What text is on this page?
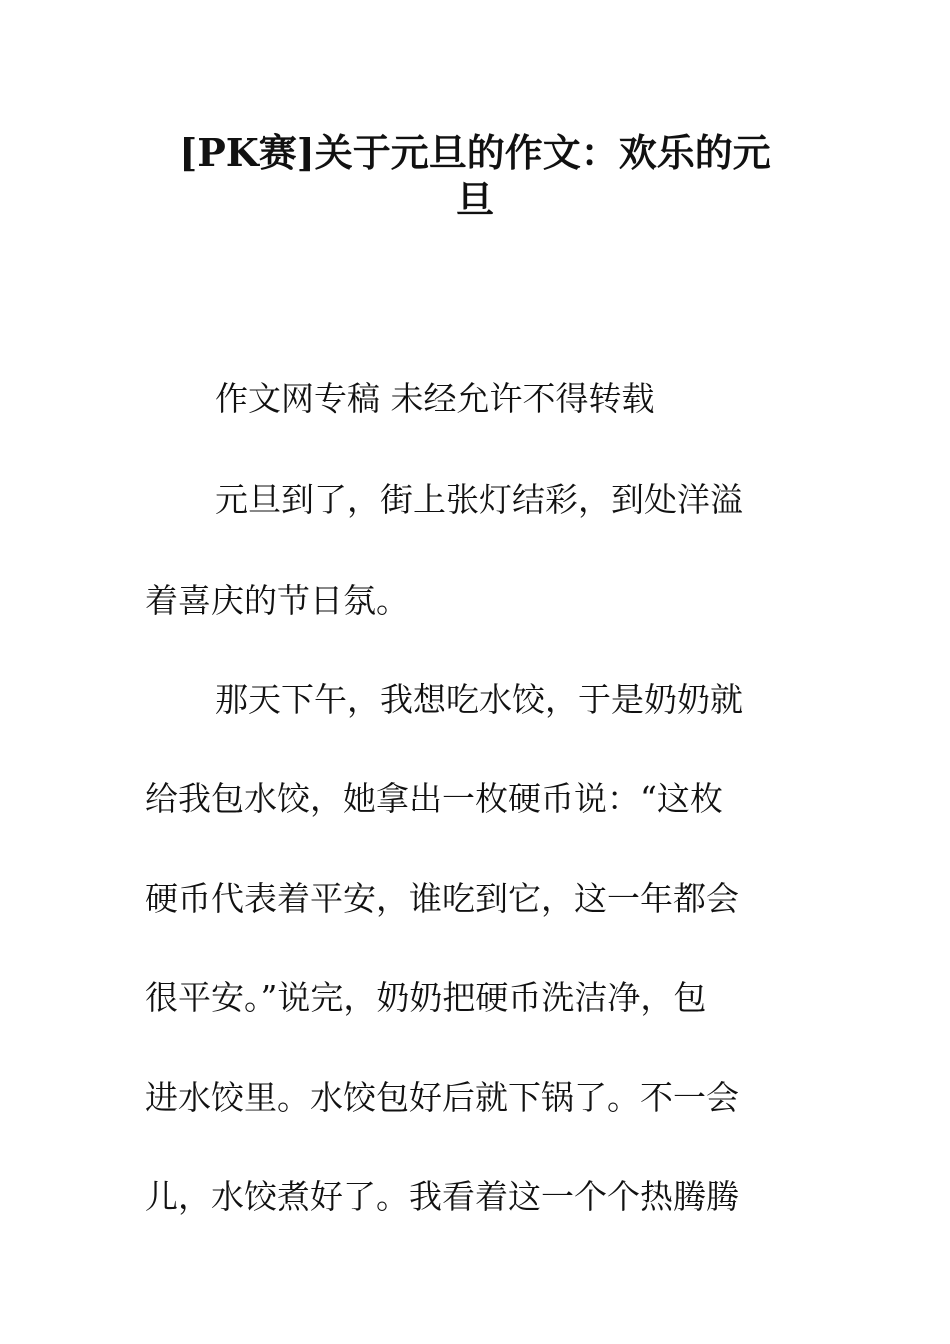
[PK赛]关于元旦的作文：欢乐的元
旦
作文网专稿 未经允许不得转载
元旦到了，街上张灯结彩，到处洋溢
着喜庆的节日氛。
那天下午，我想吃水饺，于是奶奶就
给我包水饺，她拿出一枚硬币说：“这枚
硬币代表着平安，谁吃到它，这一年都会
很平安。”说完，奶奶把硬币洗洁净，包
进水饺里。水饺包好后就下锅了。不一会
儿，水饺煮好了。我看着这一个个热腾腾
